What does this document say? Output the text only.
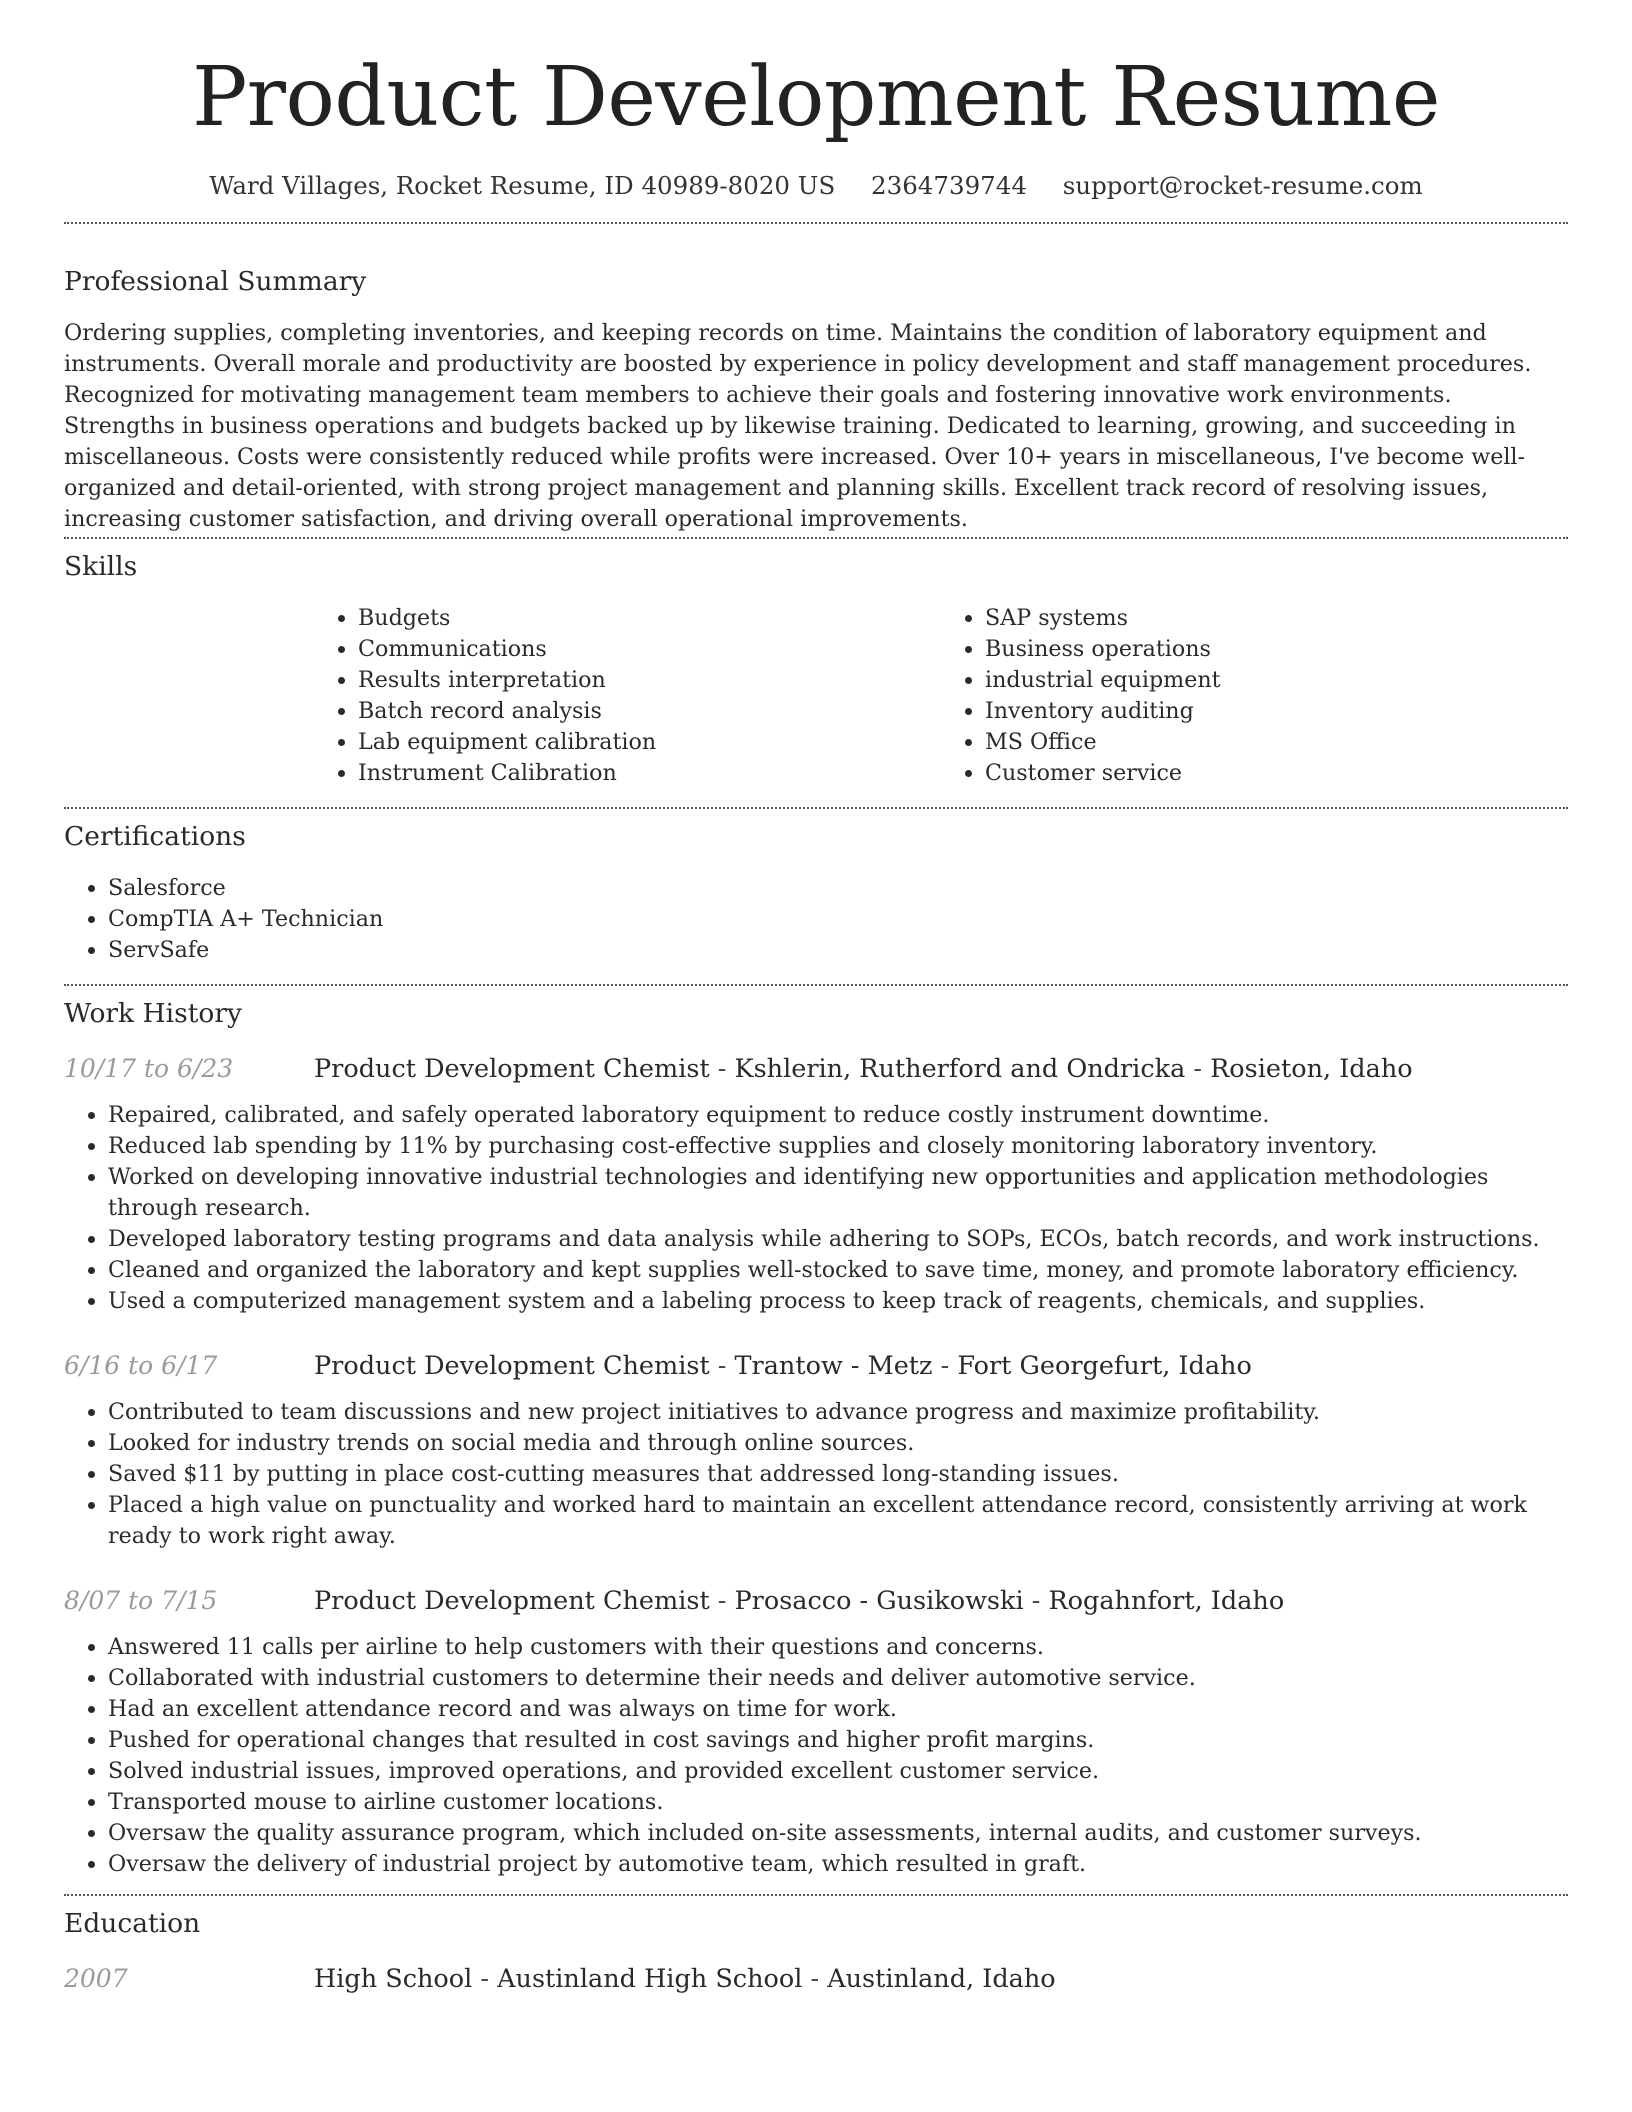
Product Development Resume
Ward Villages, Rocket Resume, ID 40989-8020 US 2364739744 support@rocket-resume.com
Professional Summary

Ordering supplies, completing inventories, and keeping records on time. Maintains the condition of laboratory equipment and instruments. Overall morale and productivity are boosted by experience in policy development and staff management procedures. Recognized for motivating management team members to achieve their goals and fostering innovative work environments. Strengths in business operations and budgets backed up by likewise training. Dedicated to learning, growing, and succeeding in miscellaneous. Costs were consistently reduced while profits were increased. Over 10+ years in miscellaneous, I've become well-organized and detail-oriented, with strong project management and planning skills. Excellent track record of resolving issues, increasing customer satisfaction, and driving overall operational improvements.

Skills
• Budgets
• Communications
• Results interpretation
• Batch record analysis
• Lab equipment calibration
• Instrument Calibration
• SAP systems
• Business operations
• industrial equipment
• Inventory auditing
• MS Office
• Customer service
Certifications
• Salesforce
• CompTIA A+ Technician
• ServSafe
Work History
10/17 to 6/23	Product Development Chemist - Kshlerin, Rutherford and Ondricka - Rosieton, Idaho
• Repaired, calibrated, and safely operated laboratory equipment to reduce costly instrument downtime.
• Reduced lab spending by 11% by purchasing cost-effective supplies and closely monitoring laboratory inventory.
• Worked on developing innovative industrial technologies and identifying new opportunities and application methodologies through research.
• Developed laboratory testing programs and data analysis while adhering to SOPs, ECOs, batch records, and work instructions.
• Cleaned and organized the laboratory and kept supplies well-stocked to save time, money, and promote laboratory efficiency.
• Used a computerized management system and a labeling process to keep track of reagents, chemicals, and supplies.
6/16 to 6/17	Product Development Chemist - Trantow - Metz - Fort Georgefurt, Idaho
• Contributed to team discussions and new project initiatives to advance progress and maximize profitability.
• Looked for industry trends on social media and through online sources.
• Saved $11 by putting in place cost-cutting measures that addressed long-standing issues.
• Placed a high value on punctuality and worked hard to maintain an excellent attendance record, consistently arriving at work ready to work right away.
8/07 to 7/15	Product Development Chemist - Prosacco - Gusikowski - Rogahnfort, Idaho
• Answered 11 calls per airline to help customers with their questions and concerns.
• Collaborated with industrial customers to determine their needs and deliver automotive service.
• Had an excellent attendance record and was always on time for work.
• Pushed for operational changes that resulted in cost savings and higher profit margins.
• Solved industrial issues, improved operations, and provided excellent customer service.
• Transported mouse to airline customer locations.
• Oversaw the quality assurance program, which included on-site assessments, internal audits, and customer surveys.
• Oversaw the delivery of industrial project by automotive team, which resulted in graft.
Education
2007	High School - Austinland High School - Austinland, Idaho
